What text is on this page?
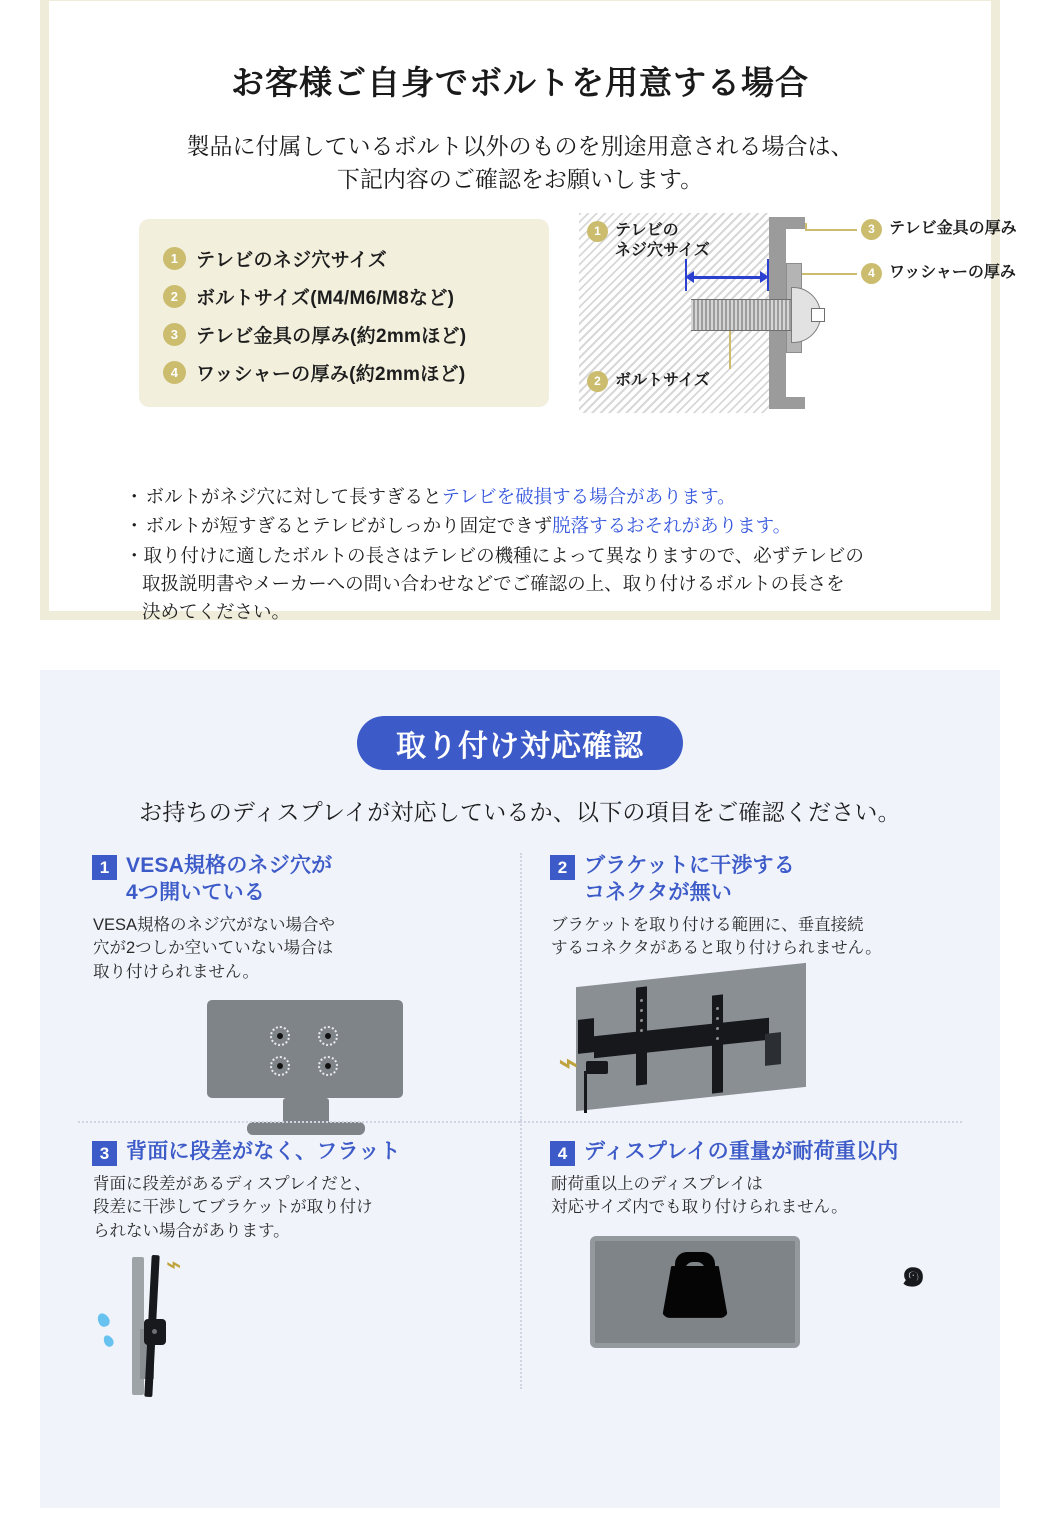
お客様ご自身でボルトを用意する場合
製品に付属しているボルト以外のものを別途用意される場合は、
下記内容のご確認をお願いします。
1 テレビのネジ穴サイズ
2 ボルトサイズ(M4/M6/M8など)
3 テレビ金具の厚み(約2mmほど)
4 ワッシャーの厚み(約2mmほど)
1 テレビの
ネジ穴サイズ
2 ボルトサイズ
3 テレビ金具の厚み
4 ワッシャーの厚み
・ ボルトがネジ穴に対して長すぎるとテレビを破損する場合があります。
・ ボルトが短すぎるとテレビがしっかり固定できず脱落するおそれがあります。
・取り付けに適したボルトの長さはテレビの機種によって異なりますので、必ずテレビの
取扱説明書やメーカーへの問い合わせなどでご確認の上、取り付けるボルトの長さを
決めてください。
取り付け対応確認
お持ちのディスプレイが対応しているか、以下の項目をご確認ください。
1 VESA規格のネジ穴が
4つ開いている
VESA規格のネジ穴がない場合や
穴が2つしか空いていない場合は
取り付けられません。
2 ブラケットに干渉する
コネクタが無い
ブラケットを取り付ける範囲に、垂直接続
するコネクタがあると取り付けられません。
⌁
3 背面に段差がなく、フラット
背面に段差があるディスプレイだと、
段差に干渉してブラケットが取り付け
られない場合があります。
⌁
4 ディスプレイの重量が耐荷重以内
耐荷重以上のディスプレイは
対応サイズ内でも取り付けられません。
๑
